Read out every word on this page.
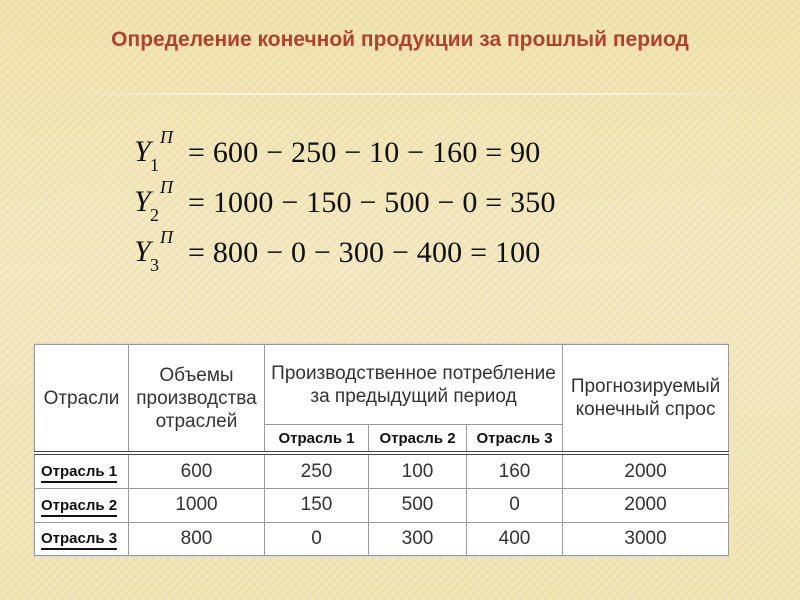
Определение конечной продукции за прошлый период
Y 1
П = 600 − 250 − 10 − 160 = 90
Y 2
П = 1000 − 150 − 500 − 0 = 350
Y 3
П = 800 − 0 − 300 − 400 = 100
Отрасли	Объемы производства отраслей	Производственное потребление за предыдущий период			Прогнозируемый конечный спрос
		Отрасль 1	Отрасль 2	Отрасль 3	
Отрасль 1	600	250	100	160	2000
Отрасль 2	1000	150	500	0	2000
Отрасль 3	800	0	300	400	3000
